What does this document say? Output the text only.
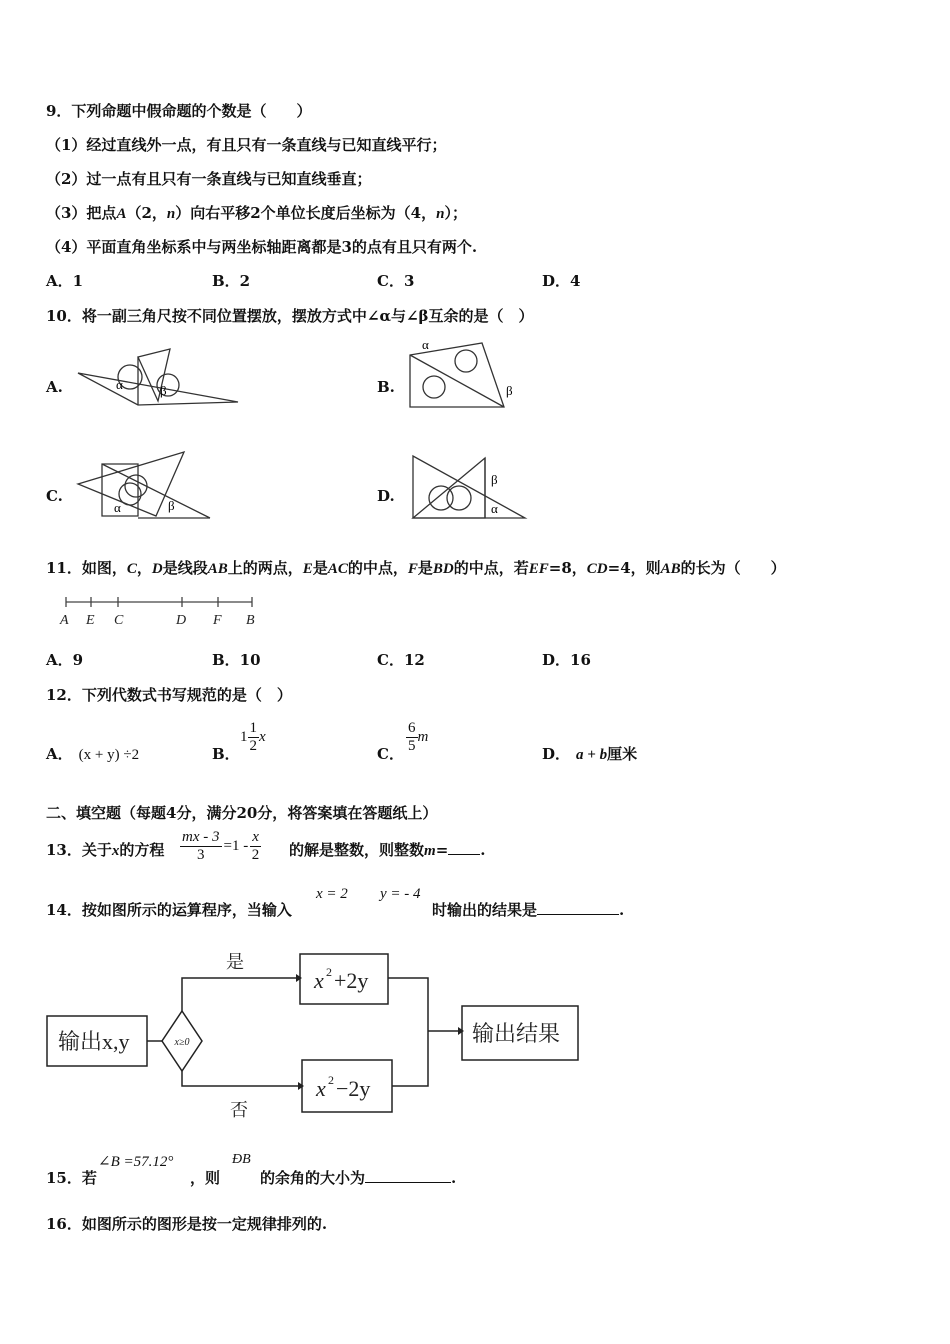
9．下列命题中假命题的个数是（　　）
（1）经过直线外一点，有且只有一条直线与已知直线平行；
（2）过一点有且只有一条直线与已知直线垂直；
（3）把点A（2，n）向右平移2个单位长度后坐标为（4，n）；
（4）平面直角坐标系中与两坐标轴距离都是3的点有且只有两个.
A．1	B．2	C．3	D．4
10．将一副三角尺按不同位置摆放，摆放方式中∠α与∠β互余的是（　）
A.	B.
C.	D.
α	β
α
β
α	β
β
α
11．如图，C，D是线段AB上的两点，E是AC的中点，F是BD的中点，若EF=8，CD=4，则AB的长为（　　）
A E C	D F B
A．9	B．10	C．12	D．16
12．下列代数式书写规范的是（　）
A． (x + y) ÷2	B．
$1 \frac{1}{2}$ x
C． $\frac{6}{5}$ m
D． a + b厘米
二、填空题（每题4分，满分20分，将答案填在答题纸上）
13．关于x的方程 $\frac{mx - 3}{3} =1 - \frac{x}{2}$ 的解是整数，则整数m= .
14．按如图所示的运算程序，当输入
x = 2 y = - 4
时输出的结果是	.
输出x,y	x≥0
是
否
x 2 +2y
x 2 −2y
输出结果
15．若
∠B =57.12°
，则
ÐB
的余角的大小为	.
16．如图所示的图形是按一定规律排列的.
